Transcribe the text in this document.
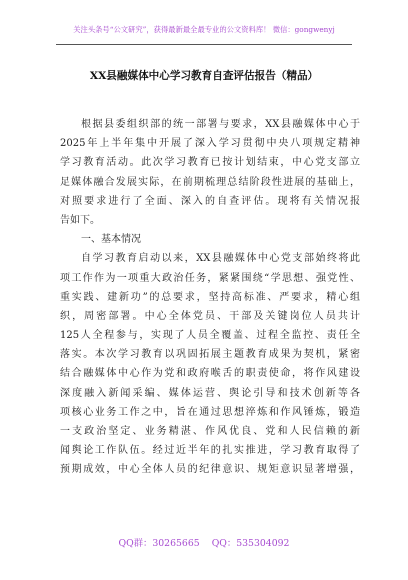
关注头条号“公文研究”，获得最新最全最专业的公文资料库！ 微信：gongwenyj
XX县融媒体中心学习教育自查评估报告（精品）
根据县委组织部的统一部署与要求，XX县融媒体中心于
2025年上半年集中开展了深入学习贯彻中央八项规定精神
学习教育活动。此次学习教育已按计划结束，中心党支部立
足媒体融合发展实际，在前期梳理总结阶段性进展的基础上，
对照要求进行了全面、深入的自查评估。现将有关情况报
告如下。
一、基本情况
自学习教育启动以来，XX县融媒体中心党支部始终将此
项工作作为一项重大政治任务，紧紧围绕“学思想、强党性、
重实践、建新功”的总要求，坚持高标准、严要求，精心组
织，周密部署。中心全体党员、干部及关键岗位人员共计
125人全程参与，实现了人员全覆盖、过程全监控、责任全
落实。本次学习教育以巩固拓展主题教育成果为契机，紧密
结合融媒体中心作为党和政府喉舌的职责使命，将作风建设
深度融入新闻采编、媒体运营、舆论引导和技术创新等各
项核心业务工作之中，旨在通过思想淬炼和作风锤炼，锻造
一支政治坚定、业务精湛、作风优良、党和人民信赖的新
闻舆论工作队伍。经过近半年的扎实推进，学习教育取得了
预期成效，中心全体人员的纪律意识、规矩意识显著增强，
QQ群：30265665 QQ：535304092
